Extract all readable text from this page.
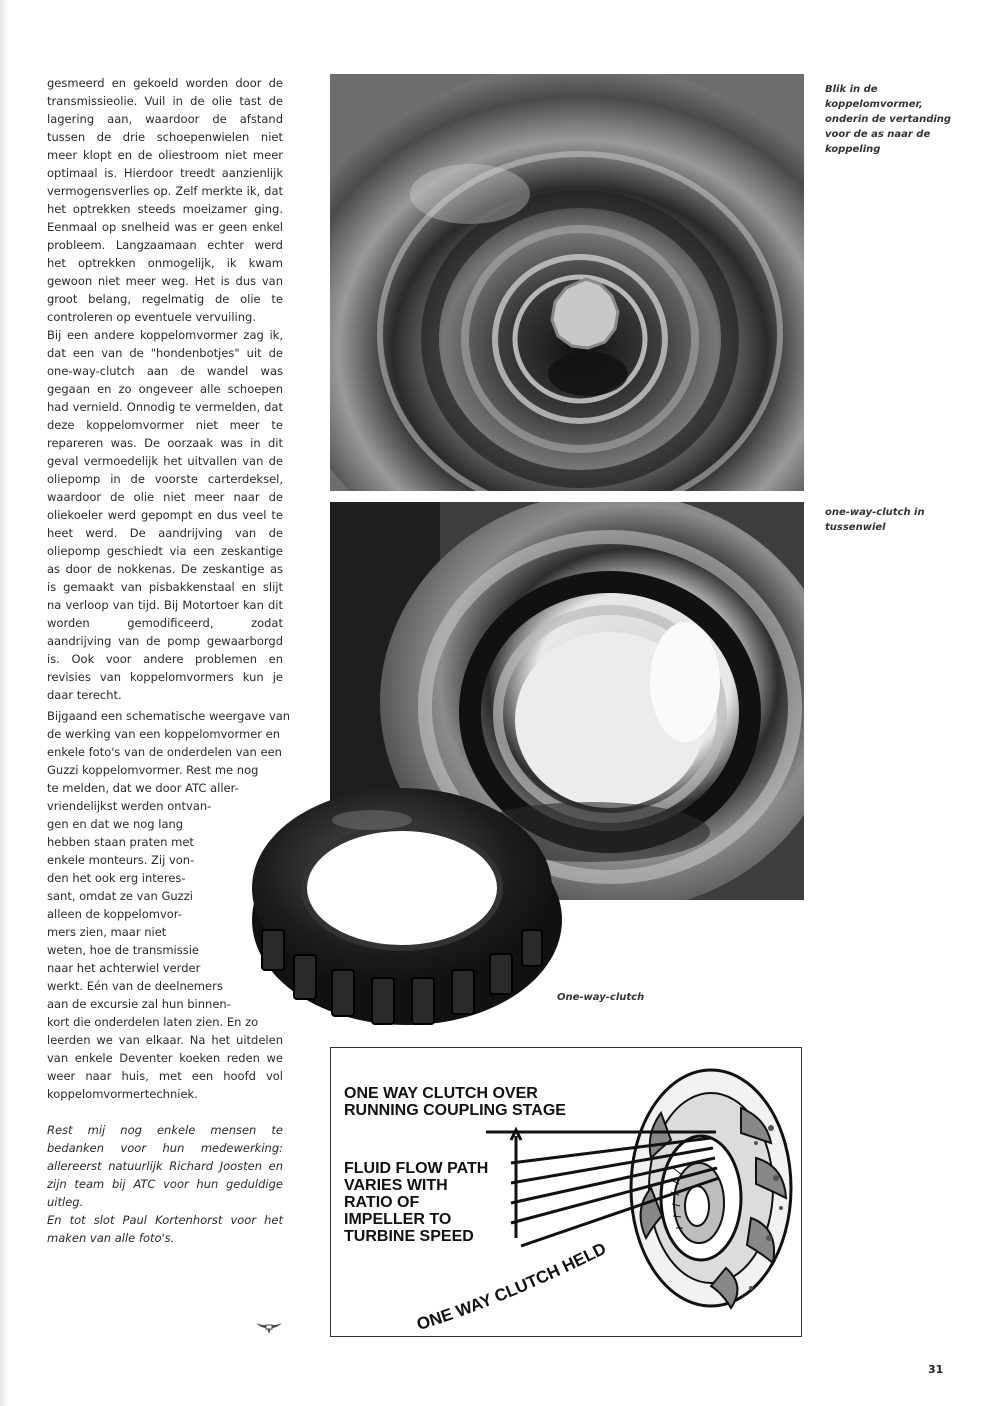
gesmeerd en gekoeld worden door de transmissieolie. Vuil in de olie tast de lagering aan, waardoor de afstand tussen de drie schoepenwielen niet meer klopt en de oliestroom niet meer optimaal is. Hierdoor treedt aanzienlijk vermogensverlies op. Zelf merkte ik, dat het optrekken steeds moeizamer ging. Eenmaal op snelheid was er geen enkel probleem. Langzaamaan echter werd het optrekken onmogelijk, ik kwam gewoon niet meer weg. Het is dus van groot belang, regelmatig de olie te controleren op eventuele vervuiling.

Bij een andere koppelomvormer zag ik, dat een van de "hondenbotjes" uit de one-way-clutch aan de wandel was gegaan en zo ongeveer alle schoepen had vernield. Onnodig te vermelden, dat deze koppelomvormer niet meer te repareren was. De oorzaak was in dit geval vermoedelijk het uitvallen van de oliepomp in de voorste carterdeksel, waardoor de olie niet meer naar de oliekoeler werd gepompt en dus veel te heet werd. De aandrijving van de oliepomp geschiedt via een zeskantige as door de nokkenas. De zeskantige as is gemaakt van pisbakkenstaal en slijt na verloop van tijd. Bij Motortoer kan dit worden gemodificeerd, zodat aandrijving van de pomp gewaarborgd is. Ook voor andere problemen en revisies van koppelomvormers kun je daar terecht.

Bijgaand een schematische weergave van
de werking van een koppelomvormer en
enkele foto's van de onderdelen van een
Guzzi koppelomvormer. Rest me nog
te melden, dat we door ATC aller-
vriendelijkst werden ontvan-
gen en dat we nog lang
hebben staan praten met
enkele monteurs. Zij von-
den het ook erg interes-
sant, omdat ze van Guzzi
alleen de koppelomvor-
mers zien, maar niet
weten, hoe de transmissie
naar het achterwiel verder
werkt. Eén van de deelnemers
aan de excursie zal hun binnen-
kort die onderdelen laten zien. En zo
leerden we van elkaar. Na het uitdelen van enkele Deventer koeken reden we weer naar huis, met een hoofd vol koppelomvormertechniek.
Rest mij nog enkele mensen te bedanken voor hun medewerking: allereerst natuurlijk Richard Joosten en zijn team bij ATC voor hun geduldige uitleg.
En tot slot Paul Kortenhorst voor het maken van alle foto's.
Blik in de koppelomvormer, onderin de vertanding voor de as naar de koppeling
one-way-clutch in tussenwiel
One-way-clutch
ONE WAY CLUTCH OVER
RUNNING COUPLING STAGE
FLUID FLOW PATH
VARIES WITH
RATIO OF
IMPELLER TO
TURBINE SPEED
ONE WAY CLUTCH HELD
31
